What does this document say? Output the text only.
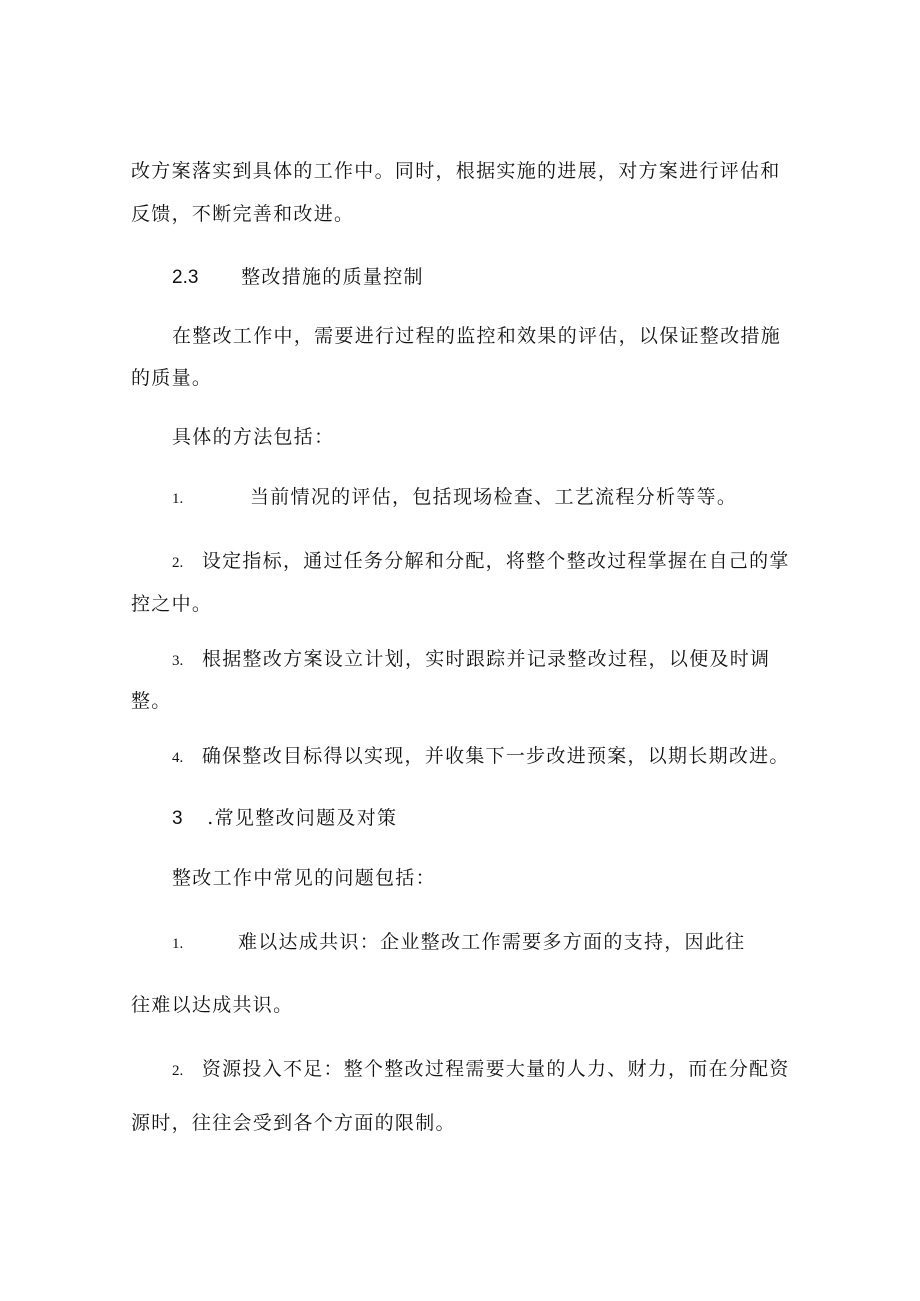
改方案落实到具体的工作中。同时，根据实施的进展，对方案进行评估和
反馈，不断完善和改进。
2.3 整改措施的质量控制
在整改工作中，需要进行过程的监控和效果的评估，以保证整改措施
的质量。
具体的方法包括：
1.	当前情况的评估，包括现场检查、工艺流程分析等等。
2. 设定指标，通过任务分解和分配，将整个整改过程掌握在自己的掌
控之中。
3. 根据整改方案设立计划，实时跟踪并记录整改过程，以便及时调
整。
4. 确保整改目标得以实现，并收集下一步改进预案，以期长期改进。
3 .常见整改问题及对策
整改工作中常见的问题包括：
1.	难以达成共识：企业整改工作需要多方面的支持，因此往
往难以达成共识。
2. 资源投入不足：整个整改过程需要大量的人力、财力，而在分配资
源时，往往会受到各个方面的限制。
